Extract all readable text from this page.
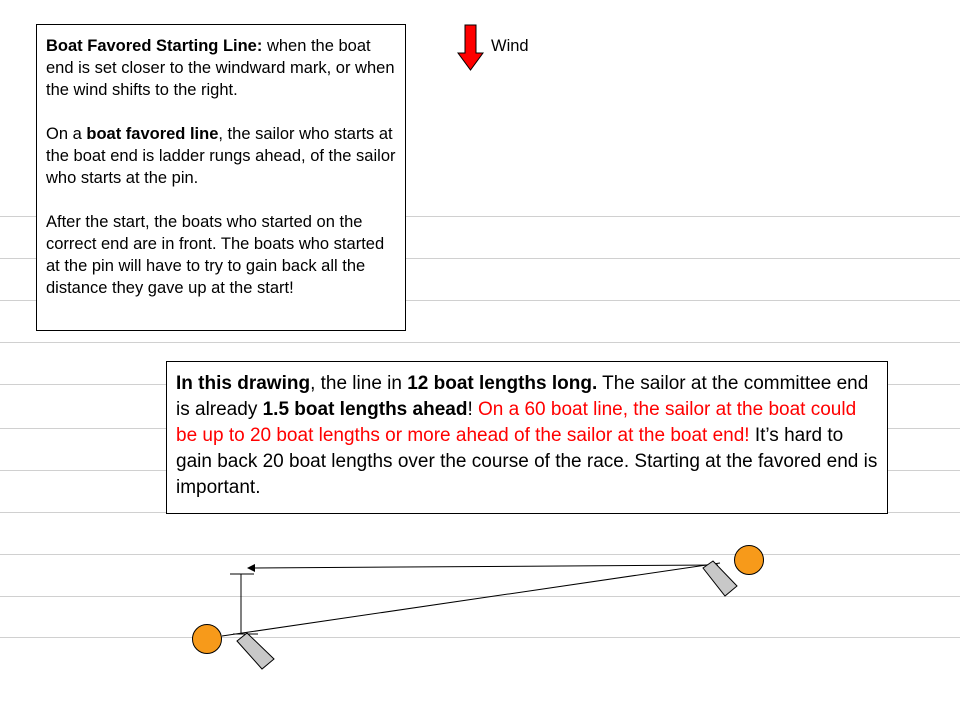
Wind

Boat Favored Starting Line: when the boat end is set closer to the windward mark, or when the wind shifts to the right.

On a boat favored line, the sailor who starts at the boat end is ladder rungs ahead, of the sailor who starts at the pin.

After the start, the boats who started on the correct end are in front. The boats who started at the pin will have to try to gain back all the distance they gave up at the start!

In this drawing, the line in 12 boat lengths long. The sailor at the committee end is already 1.5 boat lengths ahead! On a 60 boat line, the sailor at the boat could be up to 20 boat lengths or more ahead of the sailor at the boat end! It’s hard to gain back 20 boat lengths over the course of the race. Starting at the favored end is important.
